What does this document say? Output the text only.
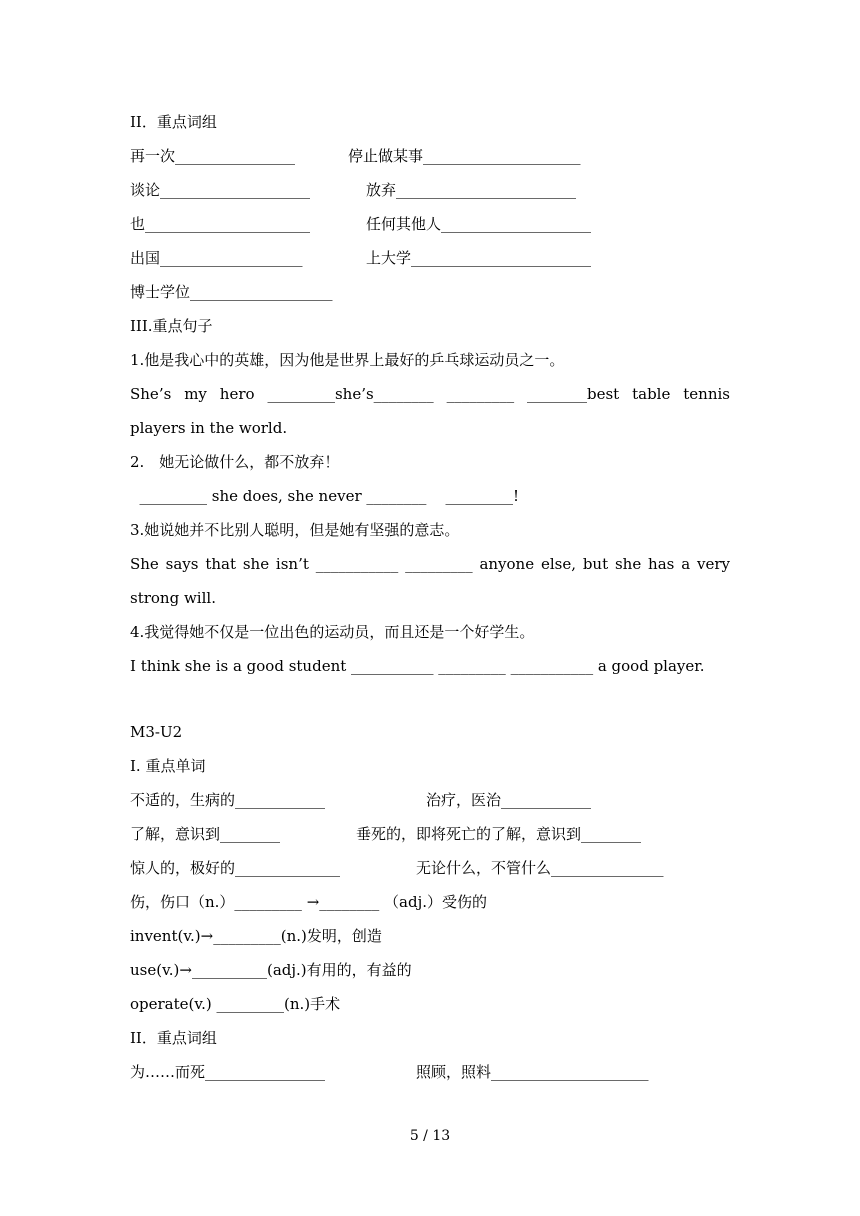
II．重点词组
再一次________________	停止做某事_____________________
谈论____________________	放弃________________________
也______________________	任何其他人____________________
出国___________________	上大学________________________
博士学位___________________
III.重点句子
1.他是我心中的英雄，因为他是世界上最好的乒乓球运动员之一。
She’s my hero _________she’s________ _________ ________best table tennis
players in the world.
2.　她无论做什么，都不放弃！
_________ she does, she never ________    _________!
3.她说她并不比别人聪明，但是她有坚强的意志。
She says that she isn’t ___________ _________ anyone else, but she has a very
strong will.
4.我觉得她不仅是一位出色的运动员，而且还是一个好学生。
I think she is a good student ___________ _________ ___________ a good player.
M3-U2
I. 重点单词
不适的，生病的____________	治疗，医治____________
了解，意识到________	垂死的，即将死亡的了解，意识到________
惊人的，极好的______________	无论什么，不管什么_______________
伤，伤口（n.）_________ →________ （adj.）受伤的
invent(v.)→_________(n.)发明，创造
use(v.)→__________(adj.)有用的，有益的
operate(v.) _________(n.)手术
II．重点词组
为……而死________________	照顾，照料_____________________
5 / 13
